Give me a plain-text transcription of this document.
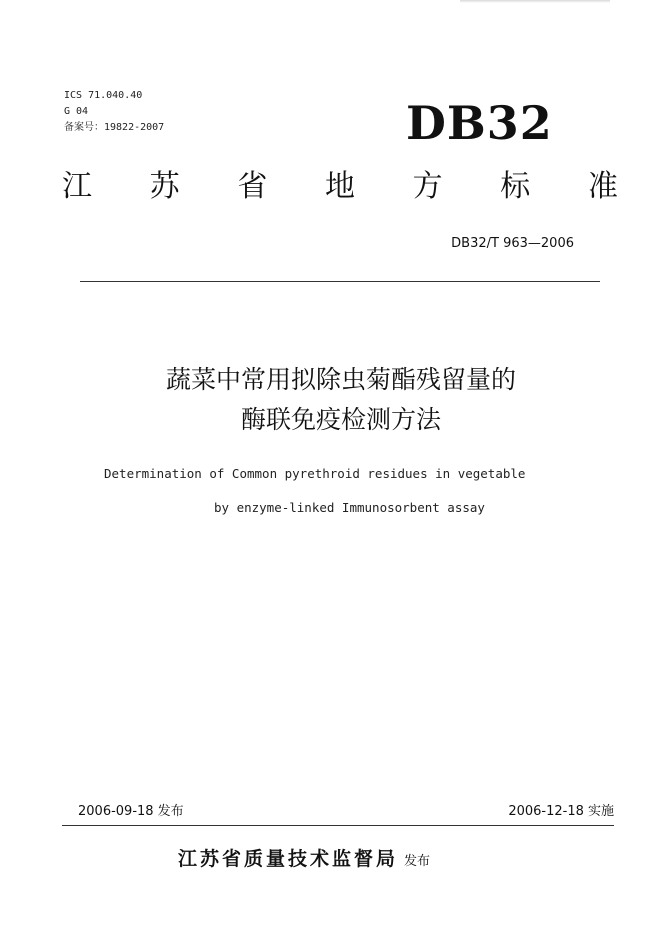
ICS 71.040.40
G 04
备案号：19822-2007	DB32
江 苏 省 地 方 标 准
DB32/T 963—2006
蔬菜中常用拟除虫菊酯残留量的
酶联免疫检测方法
Determination of Common pyrethroid residues in vegetable
by enzyme-linked Immunosorbent assay
2006-09-18 发布	2006-12-18 实施
江苏省质量技术监督局 发布
